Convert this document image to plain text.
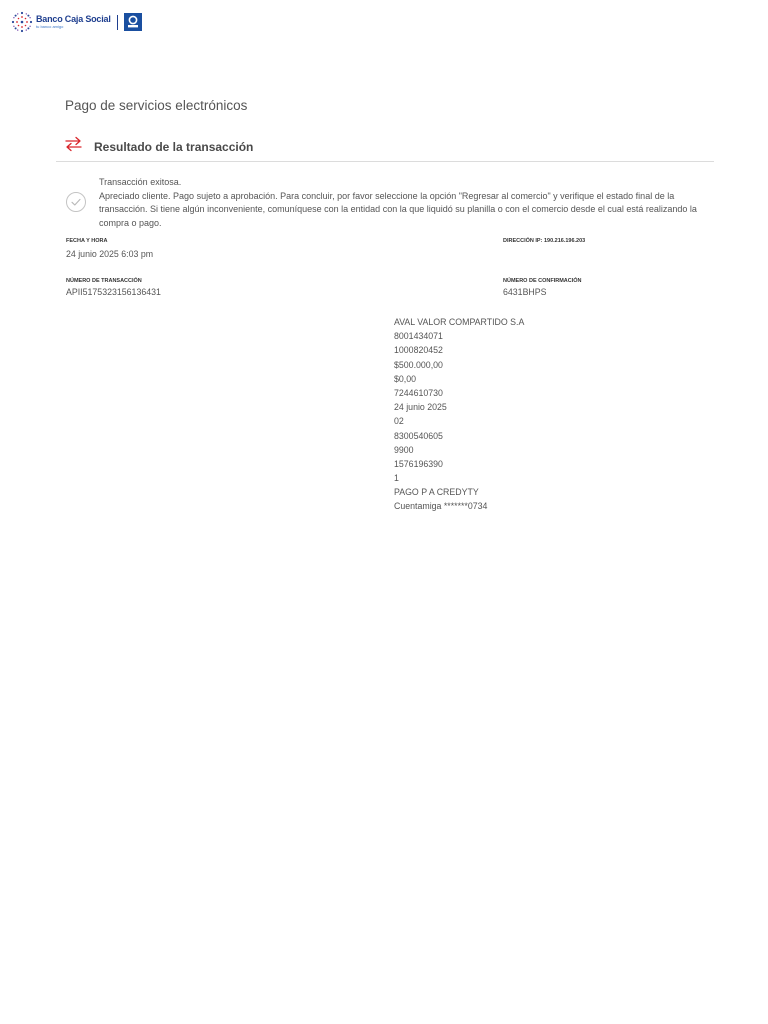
Banco Caja Social
tu banco amigo
Pago de servicios electrónicos
Resultado de la transacción
Transacción exitosa.
Apreciado cliente. Pago sujeto a aprobación. Para concluir, por favor seleccione la opción "Regresar al comercio" y verifique el estado final de la transacción. Si tiene algún inconveniente, comuníquese con la entidad con la que liquidó su planilla o con el comercio desde el cual está realizando la compra o pago.
FECHA Y HORA
24 junio 2025 6:03 pm
DIRECCIÓN IP: 190.216.196.203
NÚMERO DE TRANSACCIÓN
APII5175323156136431
NÚMERO DE CONFIRMACIÓN
6431BHPS
AVAL VALOR COMPARTIDO S.A
8001434071
1000820452
$500.000,00
$0,00
7244610730
24 junio 2025
02
8300540605
9900
1576196390
1
PAGO P A CREDYTY
Cuentamiga *******0734
